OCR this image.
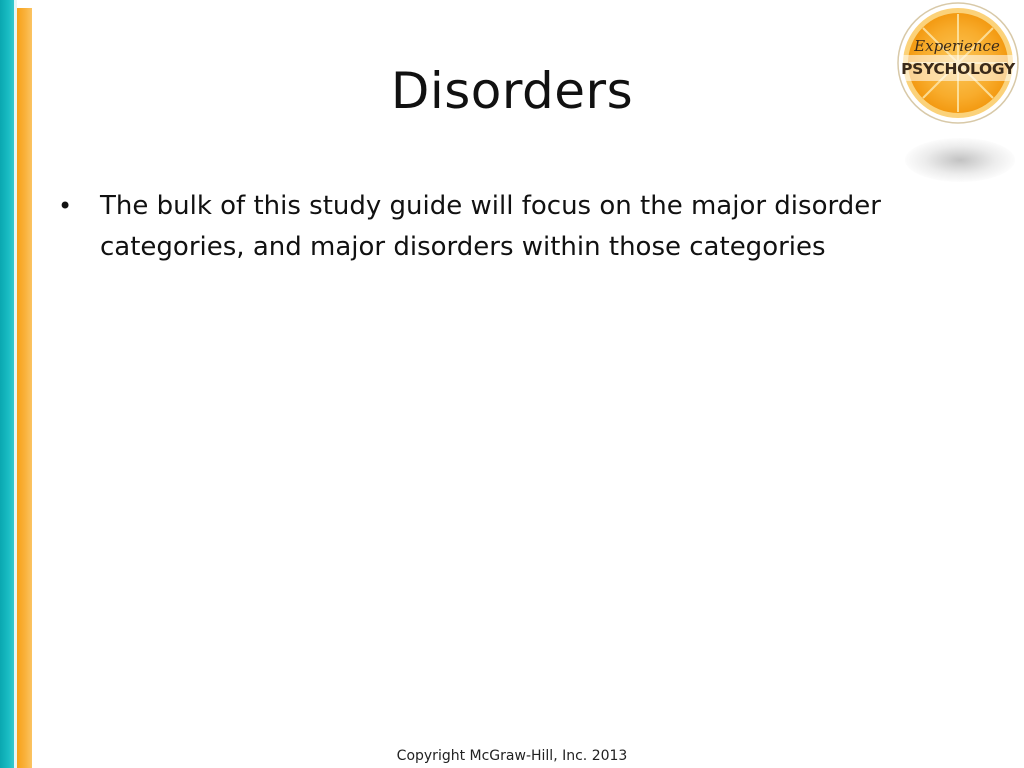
Disorders
•	The bulk of this study guide will focus on the major disorder categories, and major disorders within those categories
Experience
PSYCHOLOGY
Copyright McGraw-Hill, Inc. 2013
